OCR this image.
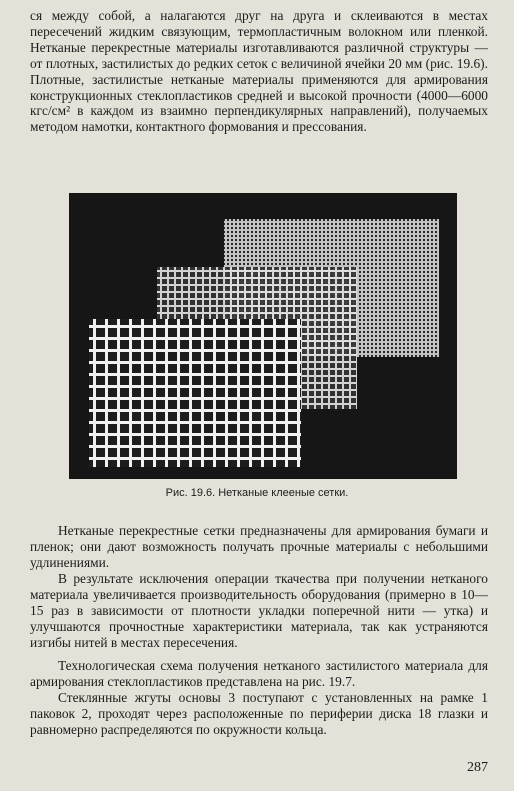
ся между собой, а налагаются друг на друга и склеиваются в местах пересечений жидким связующим, термопластичным волокном или пленкой. Нетканые перекрестные материалы изготавливаются различной структуры — от плотных, застилистых до редких сеток с величиной ячейки 20 мм (рис. 19.6). Плотные, застилистые нетканые материалы применяются для армирования конструкционных стеклопластиков средней и высокой прочности (4000—6000 кгс/см² в каждом из взаимно перпендикулярных направлений), получаемых методом намотки, контактного формования и прессования.

Рис. 19.6. Нетканые клееные сетки.

Нетканые перекрестные сетки предназначены для армирования бумаги и пленок; они дают возможность получать прочные материалы с небольшими удлинениями.

В результате исключения операции ткачества при получении нетканого материала увеличивается производительность оборудования (примерно в 10—15 раз в зависимости от плотности укладки поперечной нити — утка) и улучшаются прочностные характеристики материала, так как устраняются изгибы нитей в местах пересечения.

Технологическая схема получения нетканого застилистого материала для армирования стеклопластиков представлена на рис. 19.7.

Стеклянные жгуты основы 3 поступают с установленных на рамке 1 паковок 2, проходят через расположенные по периферии диска 18 глазки и равномерно распределяются по окружности кольца.

287
